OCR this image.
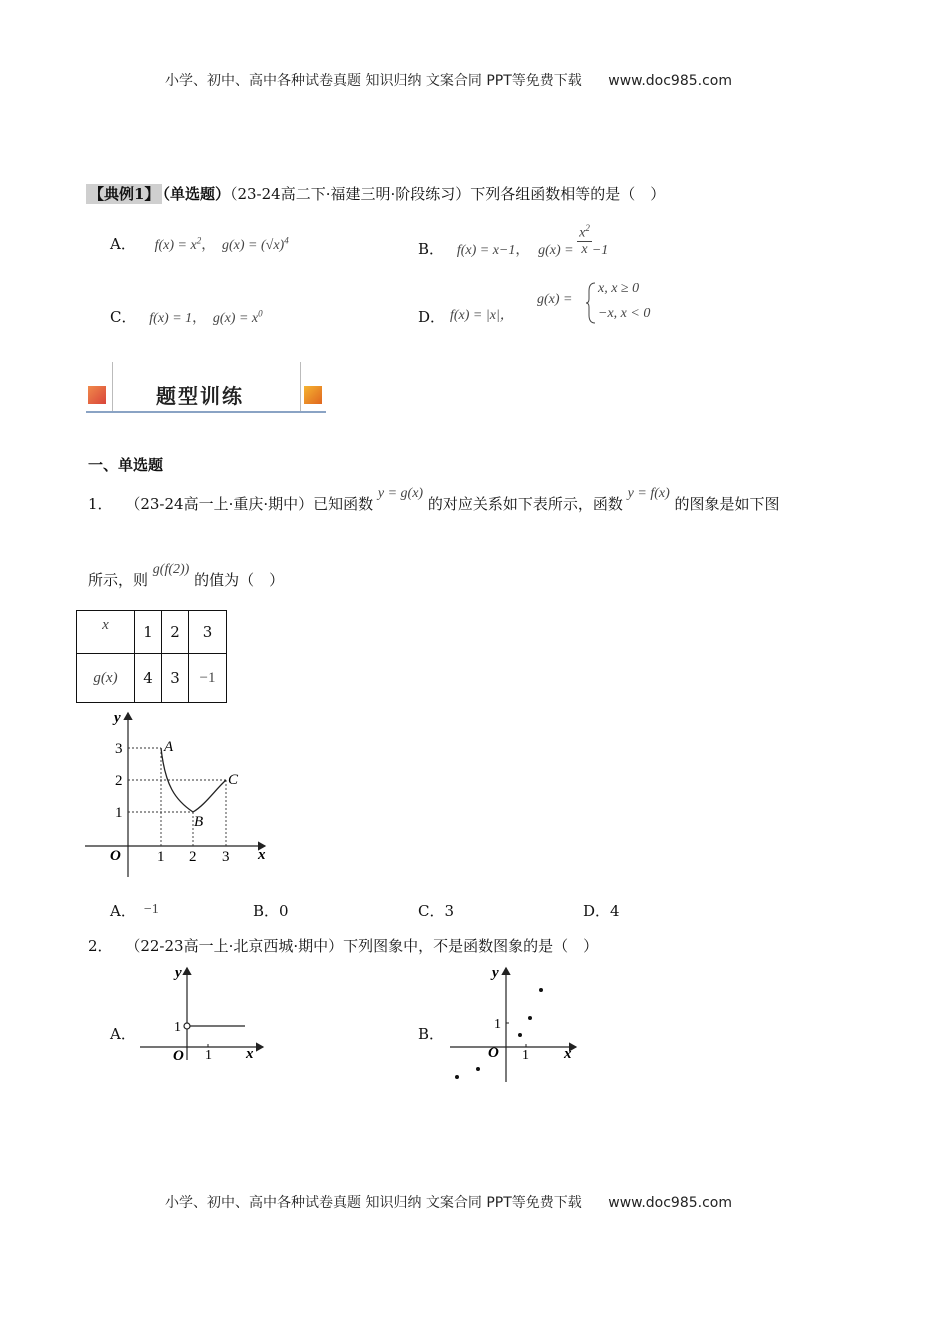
小学、初中、高中各种试卷真题 知识归纳 文案合同 PPT等免费下载 www.doc985.com
【典例1】 （单选题）（23-24高二下·福建三明·阶段练习）下列各组函数相等的是（　）
A． $f(x) = x^2$， $g(x) = (√x)^4$	B． f(x) = x−1， $g(x) = \frac{x^2}{x} -1$
C． f(x) = 1， $g(x) = x^0$	D． f(x) = |x|，
g(x) =
x, x ≥ 0
−x, x < 0
题型训练
一、单选题
1． （23-24高一上·重庆·期中）已知函数 y = g(x) 的对应关系如下表所示，函数 y = f(x) 的图象是如下图
所示，则 g(f(2)) 的值为（　）
x	1	2	3
g(x)	4	3	−1
y
x
O 1 2 3
1
2
3	A
B
C
A． −1	B．0	C．3	D．4
2． （22-23高一上·北京西城·期中）下列图象中，不是函数图象的是（　）
A．
y
x
O 1
1	B．
y
x
O 1
1
小学、初中、高中各种试卷真题 知识归纳 文案合同 PPT等免费下载 www.doc985.com
